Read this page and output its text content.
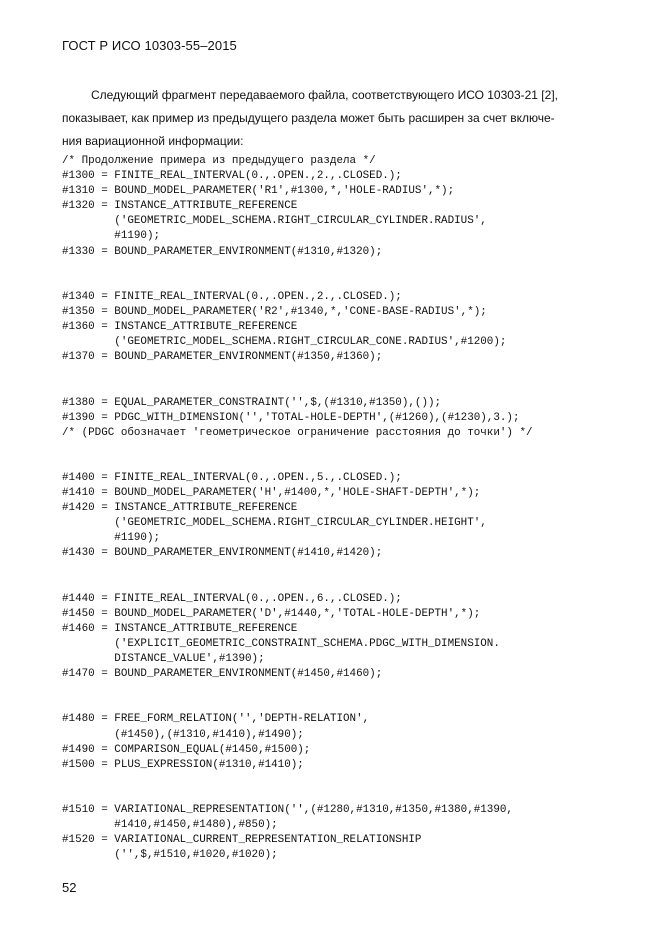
ГОСТ Р ИСО 10303-55–2015
Следующий фрагмент передаваемого файла, соответствующего ИСО 10303-21 [2],
показывает, как пример из предыдущего раздела может быть расширен за счет включе-
ния вариационной информации:
/* Продолжение примера из предыдущего раздела */
#1300 = FINITE_REAL_INTERVAL(0.,.OPEN.,2.,.CLOSED.);
#1310 = BOUND_MODEL_PARAMETER('R1',#1300,*,'HOLE-RADIUS',*);
#1320 = INSTANCE_ATTRIBUTE_REFERENCE
('GEOMETRIC_MODEL_SCHEMA.RIGHT_CIRCULAR_CYLINDER.RADIUS',
#1190);
#1330 = BOUND_PARAMETER_ENVIRONMENT(#1310,#1320);
#1340 = FINITE_REAL_INTERVAL(0.,.OPEN.,2.,.CLOSED.);
#1350 = BOUND_MODEL_PARAMETER('R2',#1340,*,'CONE-BASE-RADIUS',*);
#1360 = INSTANCE_ATTRIBUTE_REFERENCE
('GEOMETRIC_MODEL_SCHEMA.RIGHT_CIRCULAR_CONE.RADIUS',#1200);
#1370 = BOUND_PARAMETER_ENVIRONMENT(#1350,#1360);
#1380 = EQUAL_PARAMETER_CONSTRAINT('',$,(#1310,#1350),());
#1390 = PDGC_WITH_DIMENSION('','TOTAL-HOLE-DEPTH',(#1260),(#1230),3.);
/* (PDGC обозначает 'геометрическое ограничение расстояния до точки') */
#1400 = FINITE_REAL_INTERVAL(0.,.OPEN.,5.,.CLOSED.);
#1410 = BOUND_MODEL_PARAMETER('H',#1400,*,'HOLE-SHAFT-DEPTH',*);
#1420 = INSTANCE_ATTRIBUTE_REFERENCE
('GEOMETRIC_MODEL_SCHEMA.RIGHT_CIRCULAR_CYLINDER.HEIGHT',
#1190);
#1430 = BOUND_PARAMETER_ENVIRONMENT(#1410,#1420);
#1440 = FINITE_REAL_INTERVAL(0.,.OPEN.,6.,.CLOSED.);
#1450 = BOUND_MODEL_PARAMETER('D',#1440,*,'TOTAL-HOLE-DEPTH',*);
#1460 = INSTANCE_ATTRIBUTE_REFERENCE
('EXPLICIT_GEOMETRIC_CONSTRAINT_SCHEMA.PDGC_WITH_DIMENSION.
DISTANCE_VALUE',#1390);
#1470 = BOUND_PARAMETER_ENVIRONMENT(#1450,#1460);
#1480 = FREE_FORM_RELATION('','DEPTH-RELATION',
(#1450),(#1310,#1410),#1490);
#1490 = COMPARISON_EQUAL(#1450,#1500);
#1500 = PLUS_EXPRESSION(#1310,#1410);
#1510 = VARIATIONAL_REPRESENTATION('',(#1280,#1310,#1350,#1380,#1390,
#1410,#1450,#1480),#850);
#1520 = VARIATIONAL_CURRENT_REPRESENTATION_RELATIONSHIP
('',$,#1510,#1020,#1020);
52
